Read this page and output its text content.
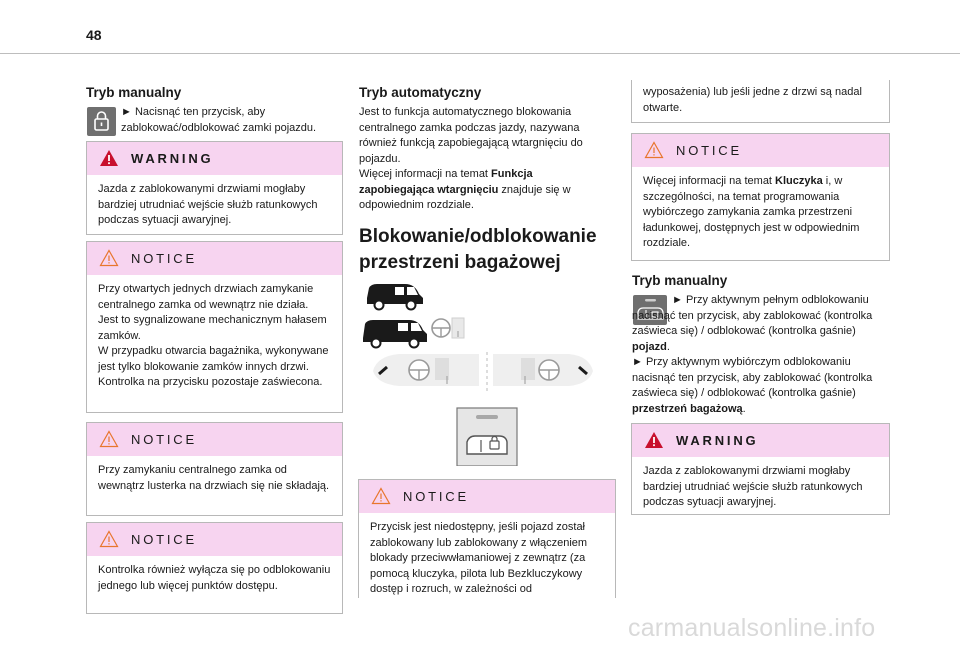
48
Tryb manualny
► Nacisnąć ten przycisk, aby zablokować/odblokować zamki pojazdu.
WARNING
Jazda z zablokowanymi drzwiami mogłaby bardziej utrudniać wejście służb ratunkowych podczas sytuacji awaryjnej.
NOTICE
Przy otwartych jednych drzwiach zamykanie centralnego zamka od wewnątrz nie działa.
Jest to sygnalizowane mechanicznym hałasem zamków.
W przypadku otwarcia bagażnika, wykonywane jest tylko blokowanie zamków innych drzwi. Kontrolka na przycisku pozostaje zaświecona.
NOTICE
Przy zamykaniu centralnego zamka od wewnątrz lusterka na drzwiach się nie składają.
NOTICE
Kontrolka również wyłącza się po odblokowaniu jednego lub więcej punktów dostępu.
Tryb automatyczny
Jest to funkcja automatycznego blokowania centralnego zamka podczas jazdy, nazywana również funkcją zapobiegającą wtargnięciu do pojazdu.
Więcej informacji na temat Funkcja zapobiegająca wtargnięciu znajduje się w odpowiednim rozdziale.
Blokowanie/odblokowanie
przestrzeni bagażowej
NOTICE
Przycisk jest niedostępny, jeśli pojazd został zablokowany lub zablokowany z włączeniem blokady przeciwwłamaniowej z zewnątrz (za pomocą kluczyka, pilota lub Bezkluczykowy dostęp i rozruch, w zależności od
wyposażenia) lub jeśli jedne z drzwi są nadal otwarte.
NOTICE
Więcej informacji na temat Kluczyka i, w szczególności, na temat programowania wybiórczego zamykania zamka przestrzeni ładunkowej, dostępnych jest w odpowiednim rozdziale.
Tryb manualny
► Przy aktywnym pełnym odblokowaniu nacisnąć ten przycisk, aby zablokować (kontrolka zaświeca się) / odblokować (kontrolka gaśnie) pojazd.
► Przy aktywnym wybiórczym odblokowaniu nacisnąć ten przycisk, aby zablokować (kontrolka zaświeca się) / odblokować (kontrolka gaśnie) przestrzeń bagażową.
WARNING
Jazda z zablokowanymi drzwiami mogłaby bardziej utrudniać wejście służb ratunkowych podczas sytuacji awaryjnej.
carmanualsonline.info
